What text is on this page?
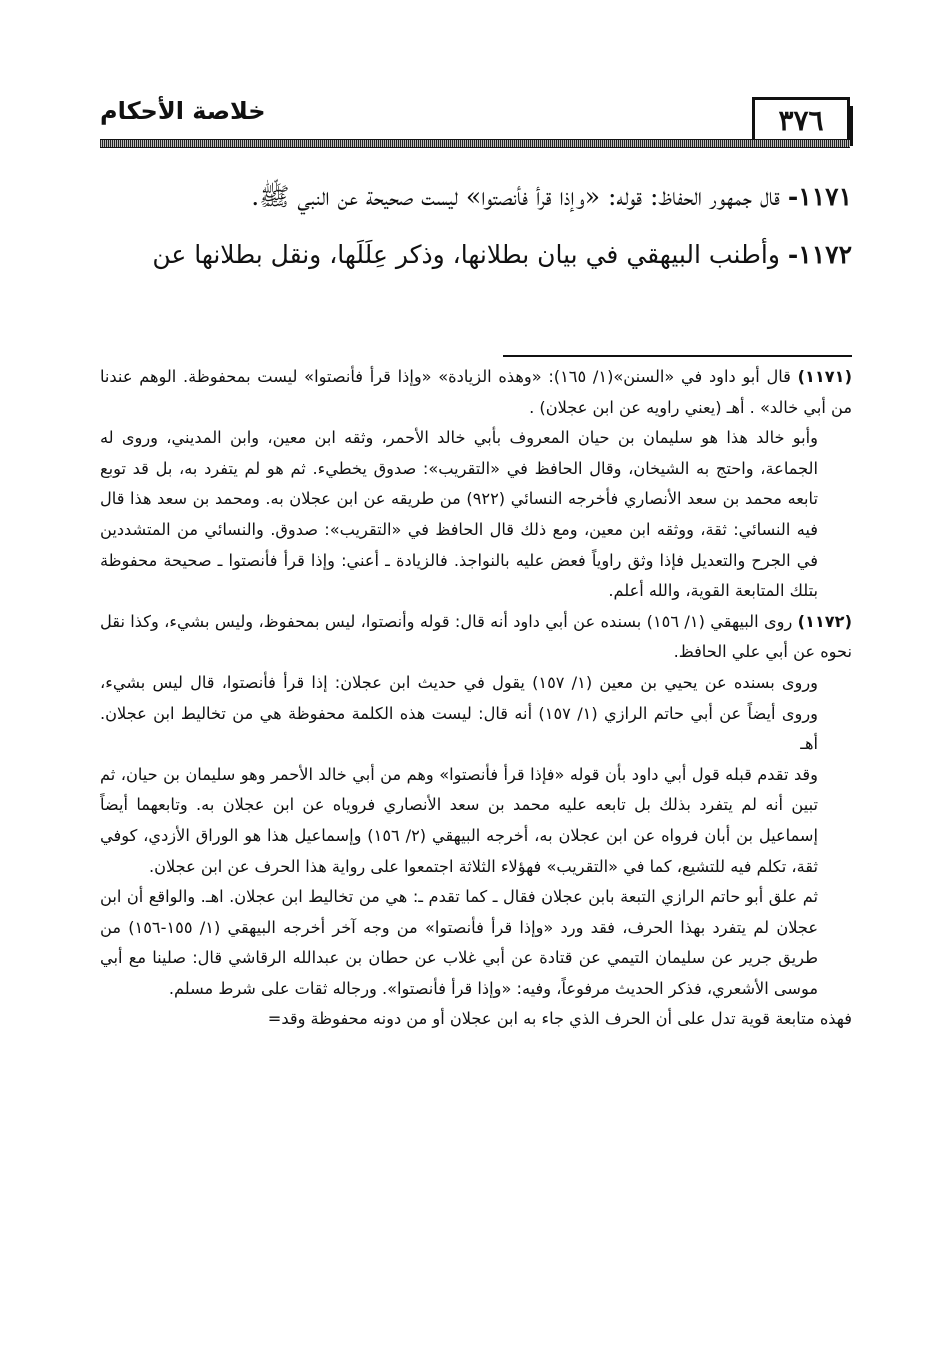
خلاصة الأحكام	٣٧٦

١١٧١- قال جمهور الحفاظ: قوله: «وإذا قرأ فأنصتوا» ليست صحيحة عن النبي ﷺ.

١١٧٢- وأطنب البيهقي في بيان بطلانها، وذكر عِلَلَها، ونقل بطلانها عن

(١١٧١) قال أبو داود في «السنن»(١/ ١٦٥): «وهذه الزيادة» «وإذا قرأ فأنصتوا» ليست بمحفوظة. الوهم عندنا من أبي خالد» . أهـ (يعني راويه عن ابن عجلان) .

وأبو خالد هذا هو سليمان بن حيان المعروف بأبي خالد الأحمر، وثقه ابن معين، وابن المديني، وروى له الجماعة، واحتج به الشيخان، وقال الحافظ في «التقريب»: صدوق يخطيء. ثم هو لم يتفرد به، بل قد توبع تابعه محمد بن سعد الأنصاري فأخرجه النسائي (٩٢٢) من طريقه عن ابن عجلان به. ومحمد بن سعد هذا قال فيه النسائي: ثقة، ووثقه ابن معين، ومع ذلك قال الحافظ في «التقريب»: صدوق. والنسائي من المتشددين في الجرح والتعديل فإذا وثق راوياً فعض عليه بالنواجذ. فالزيادة ـ أعني: وإذا قرأ فأنصتوا ـ صحيحة محفوظة بتلك المتابعة القوية، والله أعلم.

(١١٧٢) روى البيهقي (١/ ١٥٦) بسنده عن أبي داود أنه قال: قوله وأنصتوا، ليس بمحفوظ، وليس بشيء، وكذا نقل نحوه عن أبي علي الحافظ.

وروى بسنده عن يحيي بن معين (١/ ١٥٧) يقول في حديث ابن عجلان: إذا قرأ فأنصتوا، قال ليس بشيء، وروى أيضاً عن أبي حاتم الرازي (١/ ١٥٧) أنه قال: ليست هذه الكلمة محفوظة هي من تخاليط ابن عجلان. أهـ

وقد تقدم قبله قول أبي داود بأن قوله «فإذا قرأ فأنصتوا» وهم من أبي خالد الأحمر وهو سليمان بن حيان، ثم تبين أنه لم يتفرد بذلك بل تابعه عليه محمد بن سعد الأنصاري فروياه عن ابن عجلان به. وتابعهما أيضاً إسماعيل بن أبان فرواه عن ابن عجلان به، أخرجه البيهقي (٢/ ١٥٦) وإسماعيل هذا هو الوراق الأزدي، كوفي ثقة، تكلم فيه للتشيع، كما في «التقريب» فهؤلاء الثلاثة اجتمعوا على رواية هذا الحرف عن ابن عجلان.

ثم علق أبو حاتم الرازي التبعة بابن عجلان فقال ـ كما تقدم ـ: هي من تخاليط ابن عجلان. اهـ. والواقع أن ابن عجلان لم يتفرد بهذا الحرف، فقد ورد «وإذا قرأ فأنصتوا» من وجه آخر أخرجه البيهقي (١/ ١٥٥-١٥٦) من طريق جرير عن سليمان التيمي عن قتادة عن أبي غلاب عن حطان بن عبدالله الرقاشي قال: صلينا مع أبي موسى الأشعري، فذكر الحديث مرفوعاً، وفيه: «وإذا قرأ فأنصتوا». ورجاله ثقات على شرط مسلم.

فهذه متابعة قوية تدل على أن الحرف الذي جاء به ابن عجلان أو من دونه محفوظة وقد=
